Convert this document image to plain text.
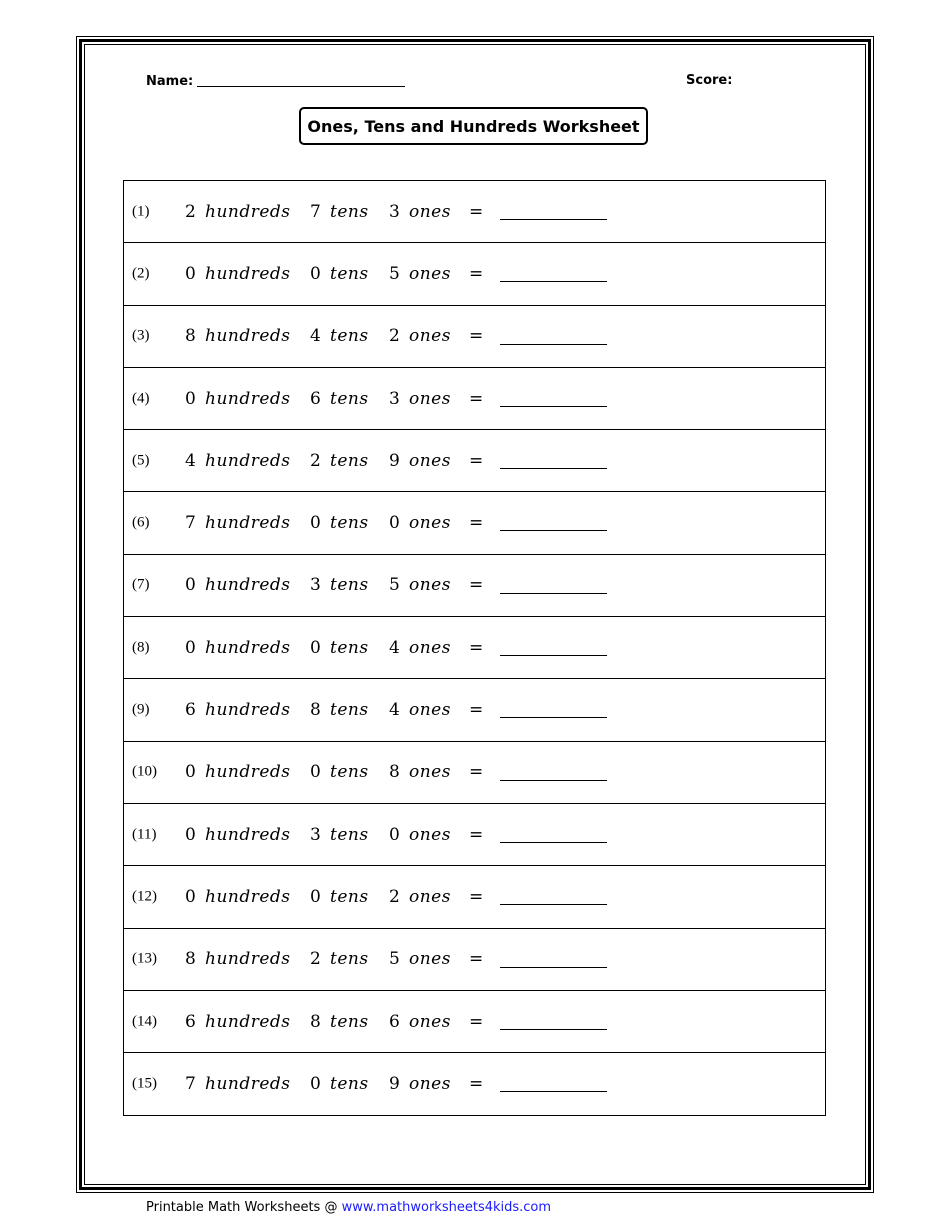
Name:	Score:
Ones, Tens and Hundreds Worksheet
(1) 2 hundreds 7 tens 3 ones =
(2) 0 hundreds 0 tens 5 ones =
(3) 8 hundreds 4 tens 2 ones =
(4) 0 hundreds 6 tens 3 ones =
(5) 4 hundreds 2 tens 9 ones =
(6) 7 hundreds 0 tens 0 ones =
(7) 0 hundreds 3 tens 5 ones =
(8) 0 hundreds 0 tens 4 ones =
(9) 6 hundreds 8 tens 4 ones =
(10) 0 hundreds 0 tens 8 ones =
(11) 0 hundreds 3 tens 0 ones =
(12) 0 hundreds 0 tens 2 ones =
(13) 8 hundreds 2 tens 5 ones =
(14) 6 hundreds 8 tens 6 ones =
(15) 7 hundreds 0 tens 9 ones =
Printable Math Worksheets @ www.mathworksheets4kids.com
